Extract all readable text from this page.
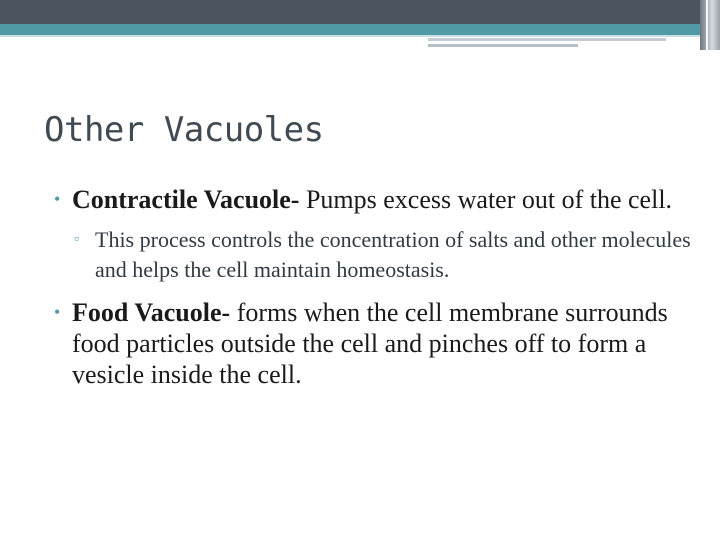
Other Vacuoles
• Contractile Vacuole- Pumps excess water out of the cell.
▫ This process controls the concentration of salts and other molecules and helps the cell maintain homeostasis.
• Food Vacuole- forms when the cell membrane surrounds food particles outside the cell and pinches off to form a vesicle inside the cell.
